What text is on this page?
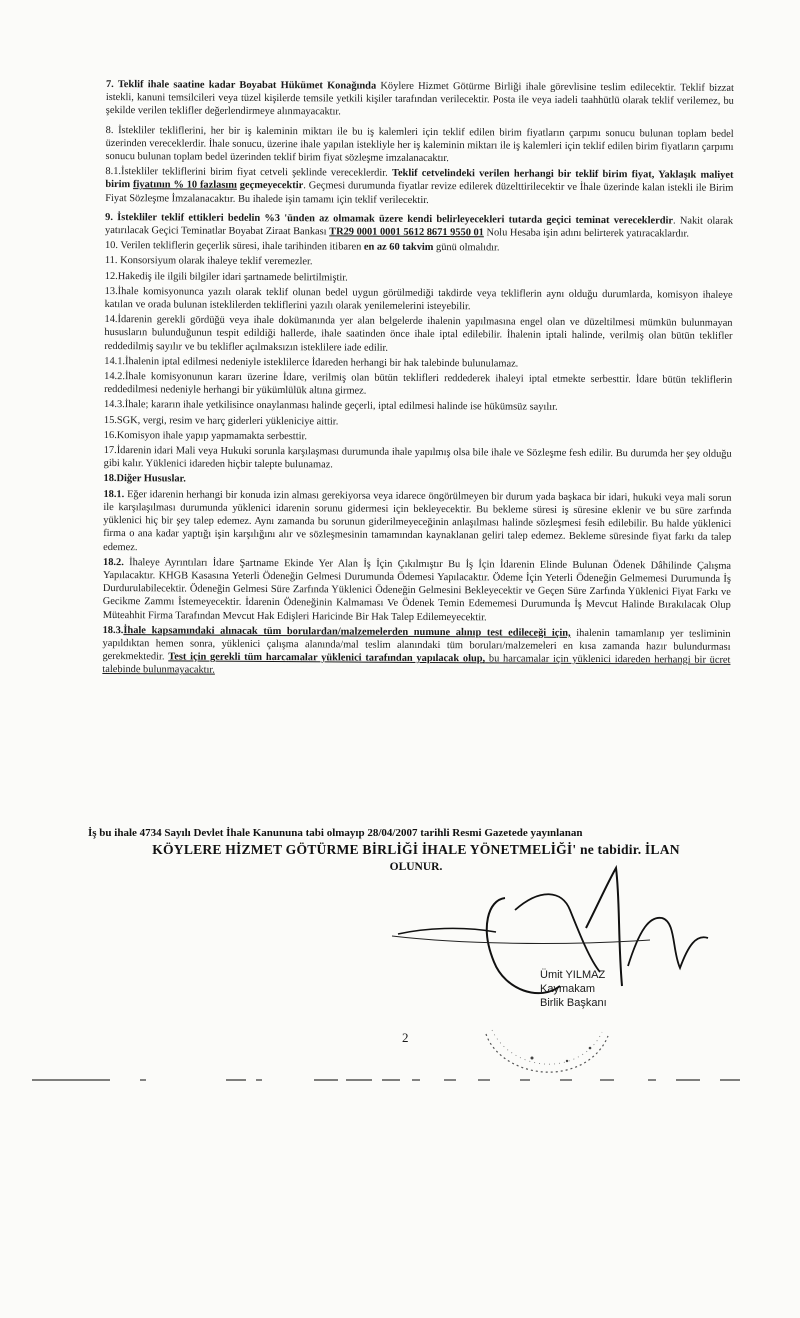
7. Teklif ihale saatine kadar Boyabat Hükümet Konağında Köylere Hizmet Götürme Birliği ihale görevlisine teslim edilecektir. Teklif bizzat istekli, kanuni temsilcileri veya tüzel kişilerde temsile yetkili kişiler tarafından verilecektir. Posta ile veya iadeli taahhütlü olarak teklif verilemez, bu şekilde verilen teklifler değerlendirmeye alınmayacaktır.

8. İstekliler tekliflerini, her bir iş kaleminin miktarı ile bu iş kalemleri için teklif edilen birim fiyatların çarpımı sonucu bulunan toplam bedel üzerinden vereceklerdir. İhale sonucu, üzerine ihale yapılan istekliyle her iş kaleminin miktarı ile iş kalemleri için teklif edilen birim fiyatların çarpımı sonucu bulunan toplam bedel üzerinden teklif birim fiyat sözleşme imzalanacaktır.

8.1.İstekliler tekliflerini birim fiyat cetveli şeklinde vereceklerdir. Teklif cetvelindeki verilen herhangi bir teklif birim fiyat, Yaklaşık maliyet birim fiyatının % 10 fazlasını geçmeyecektir. Geçmesi durumunda fiyatlar revize edilerek düzelttirilecektir ve İhale üzerinde kalan istekli ile Birim Fiyat Sözleşme İmzalanacaktır. Bu ihalede işin tamamı için teklif verilecektir.

9. İstekliler teklif ettikleri bedelin %3 'ünden az olmamak üzere kendi belirleyecekleri tutarda geçici teminat vereceklerdir. Nakit olarak yatırılacak Geçici Teminatlar Boyabat Ziraat Bankası TR29 0001 0001 5612 8671 9550 01 Nolu Hesaba işin adını belirterek yatıracaklardır.

10. Verilen tekliflerin geçerlik süresi, ihale tarihinden itibaren en az 60 takvim günü olmalıdır.

11. Konsorsiyum olarak ihaleye teklif veremezler.

12.Hakediş ile ilgili bilgiler idari şartnamede belirtilmiştir.

13.İhale komisyonunca yazılı olarak teklif olunan bedel uygun görülmediği takdirde veya tekliflerin aynı olduğu durumlarda, komisyon ihaleye katılan ve orada bulunan isteklilerden tekliflerini yazılı olarak yenilemelerini isteyebilir.

14.İdarenin gerekli gördüğü veya ihale dokümanında yer alan belgelerde ihalenin yapılmasına engel olan ve düzeltilmesi mümkün bulunmayan hususların bulunduğunun tespit edildiği hallerde, ihale saatinden önce ihale iptal edilebilir. İhalenin iptali halinde, verilmiş olan bütün teklifler reddedilmiş sayılır ve bu teklifler açılmaksızın isteklilere iade edilir.

14.1.İhalenin iptal edilmesi nedeniyle isteklilerce İdareden herhangi bir hak talebinde bulunulamaz.

14.2.İhale komisyonunun kararı üzerine İdare, verilmiş olan bütün teklifleri reddederek ihaleyi iptal etmekte serbesttir. İdare bütün tekliflerin reddedilmesi nedeniyle herhangi bir yükümlülük altına girmez.

14.3.İhale; kararın ihale yetkilisince onaylanması halinde geçerli, iptal edilmesi halinde ise hükümsüz sayılır.

15.SGK, vergi, resim ve harç giderleri yükleniciye aittir.

16.Komisyon ihale yapıp yapmamakta serbesttir.

17.İdarenin idari Mali veya Hukuki sorunla karşılaşması durumunda ihale yapılmış olsa bile ihale ve Sözleşme fesh edilir. Bu durumda her şey olduğu gibi kalır. Yüklenici idareden hiçbir talepte bulunamaz.

18.Diğer Hususlar.

18.1. Eğer idarenin herhangi bir konuda izin alması gerekiyorsa veya idarece öngörülmeyen bir durum yada başkaca bir idari, hukuki veya mali sorun ile karşılaşılması durumunda yüklenici idarenin sorunu gidermesi için bekleyecektir. Bu bekleme süresi iş süresine eklenir ve bu süre zarfında yüklenici hiç bir şey talep edemez. Aynı zamanda bu sorunun giderilmeyeceğinin anlaşılması halinde sözleşmesi fesih edilebilir. Bu halde yüklenici firma o ana kadar yaptığı işin karşılığını alır ve sözleşmesinin tamamından kaynaklanan geliri talep edemez. Bekleme süresinde fiyat farkı da talep edemez.

18.2. İhaleye Ayrıntıları İdare Şartname Ekinde Yer Alan İş İçin Çıkılmıştır Bu İş İçin İdarenin Elinde Bulunan Ödenek Dâhilinde Çalışma Yapılacaktır. KHGB Kasasına Yeterli Ödeneğin Gelmesi Durumunda Ödemesi Yapılacaktır. Ödeme İçin Yeterli Ödeneğin Gelmemesi Durumunda İş Durdurulabilecektir. Ödeneğin Gelmesi Süre Zarfında Yüklenici Ödeneğin Gelmesini Bekleyecektir ve Geçen Süre Zarfında Yüklenici Fiyat Farkı ve Gecikme Zammı İstemeyecektir. İdarenin Ödeneğinin Kalmaması Ve Ödenek Temin Edememesi Durumunda İş Mevcut Halinde Bırakılacak Olup Müteahhit Firma Tarafından Mevcut Hak Edişleri Haricinde Bir Hak Talep Edilemeyecektir.

18.3.İhale kapsamındaki alınacak tüm borulardan/malzemelerden numune alınıp test edileceği için, ihalenin tamamlanıp yer tesliminin yapıldıktan hemen sonra, yüklenici çalışma alanında/mal teslim alanındaki tüm boruları/malzemeleri en kısa zamanda hazır bulundurması gerekmektedir. Test için gerekli tüm harcamalar yüklenici tarafından yapılacak olup, bu harcamalar için yüklenici idareden herhangi bir ücret talebinde bulunmayacaktır.

İş bu ihale 4734 Sayılı Devlet İhale Kanununa tabi olmayıp 28/04/2007 tarihli Resmi Gazetede yayınlanan
KÖYLERE HİZMET GÖTÜRME BİRLİĞİ İHALE YÖNETMELİĞİ' ne tabidir. İLAN
OLUNUR.
Ümit YILMAZ
Kaymakam
Birlik Başkanı
2
